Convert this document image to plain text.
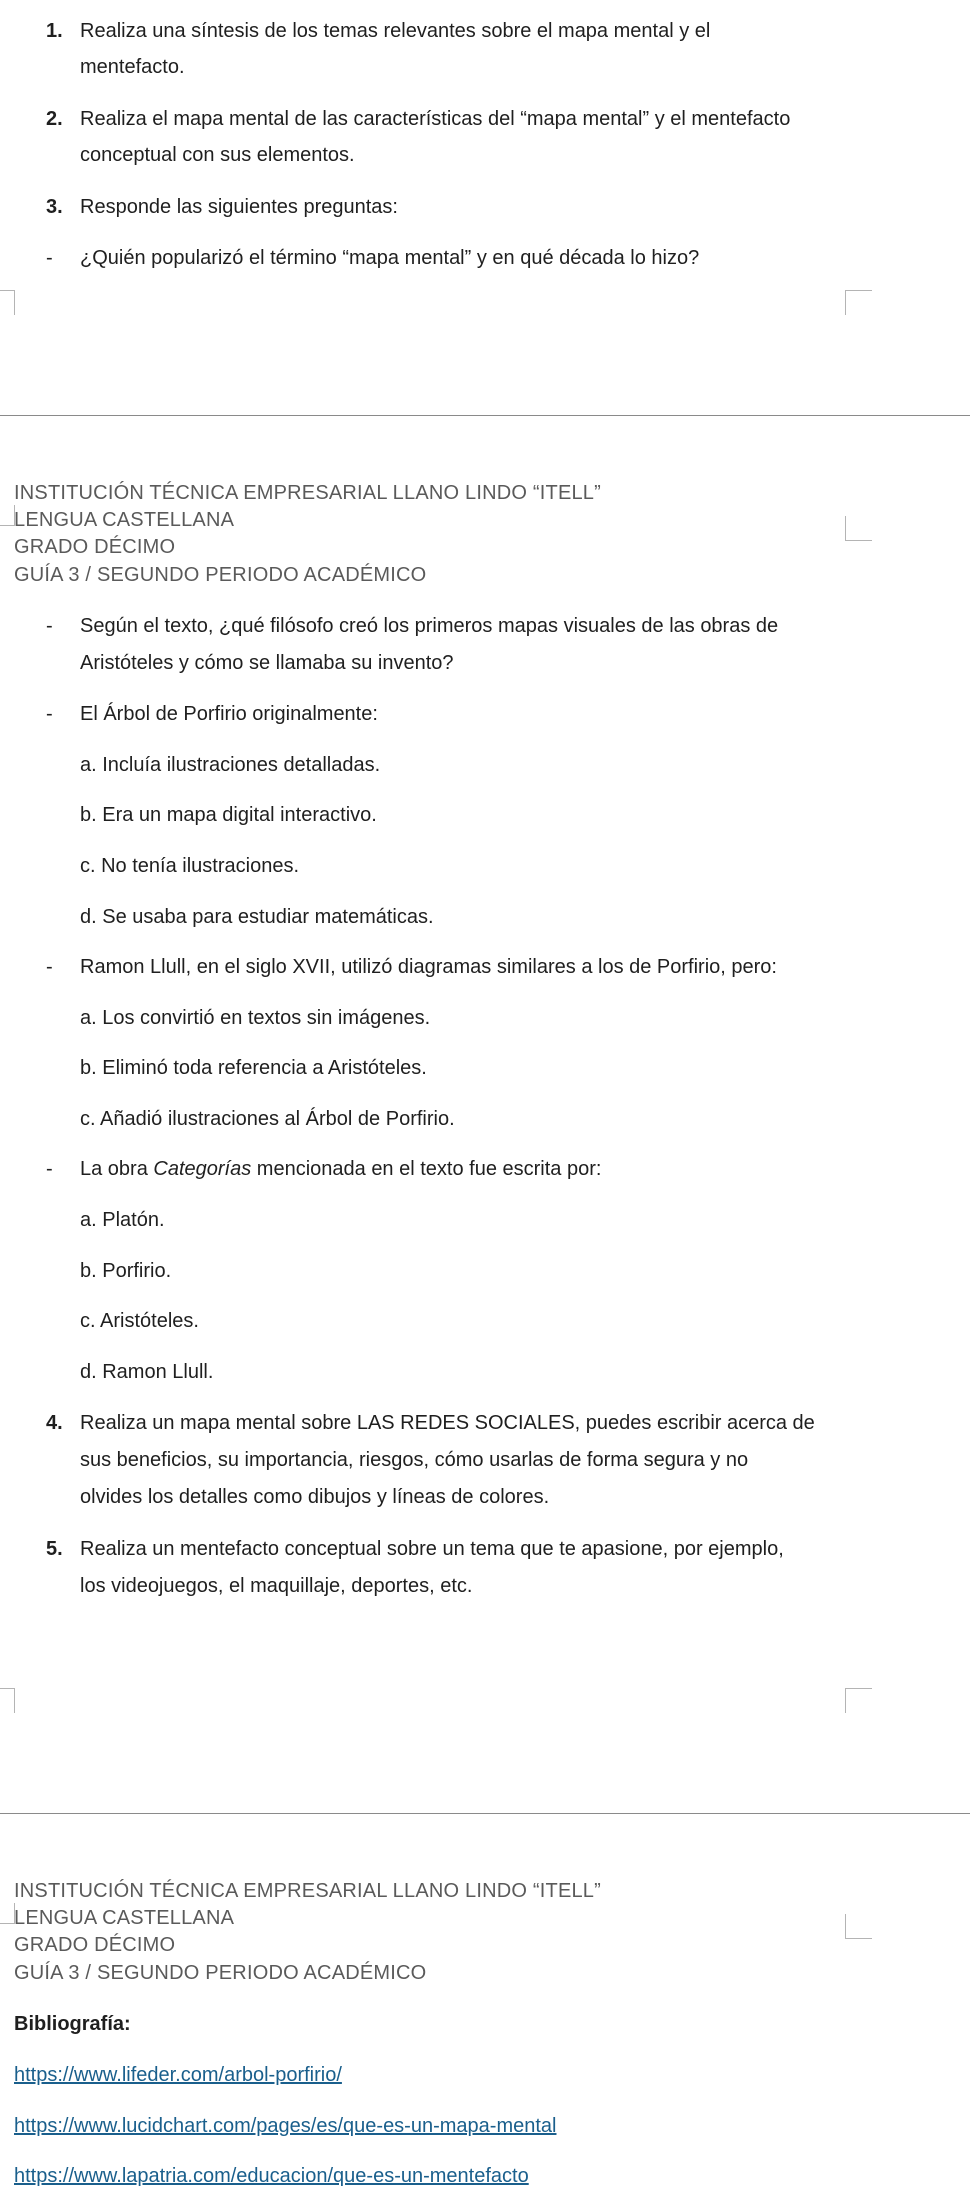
1. Realiza una síntesis de los temas relevantes sobre el mapa mental y el
mentefacto.
2. Realiza el mapa mental de las características del “mapa mental” y el mentefacto
conceptual con sus elementos.
3. Responde las siguientes preguntas:
- ¿Quién popularizó el término “mapa mental” y en qué década lo hizo?
INSTITUCIÓN TÉCNICA EMPRESARIAL LLANO LINDO “ITELL”
LENGUA CASTELLANA
GRADO DÉCIMO
GUÍA 3 / SEGUNDO PERIODO ACADÉMICO
- Según el texto, ¿qué filósofo creó los primeros mapas visuales de las obras de
Aristóteles y cómo se llamaba su invento?
- El Árbol de Porfirio originalmente:
a. Incluía ilustraciones detalladas.
b. Era un mapa digital interactivo.
c. No tenía ilustraciones.
d. Se usaba para estudiar matemáticas.
- Ramon Llull, en el siglo XVII, utilizó diagramas similares a los de Porfirio, pero:
a. Los convirtió en textos sin imágenes.
b. Eliminó toda referencia a Aristóteles.
c. Añadió ilustraciones al Árbol de Porfirio.
- La obra Categorías mencionada en el texto fue escrita por:
a. Platón.
b. Porfirio.
c. Aristóteles.
d. Ramon Llull.
4. Realiza un mapa mental sobre LAS REDES SOCIALES, puedes escribir acerca de
sus beneficios, su importancia, riesgos, cómo usarlas de forma segura y no
olvides los detalles como dibujos y líneas de colores.
5. Realiza un mentefacto conceptual sobre un tema que te apasione, por ejemplo,
los videojuegos, el maquillaje, deportes, etc.
INSTITUCIÓN TÉCNICA EMPRESARIAL LLANO LINDO “ITELL”
LENGUA CASTELLANA
GRADO DÉCIMO
GUÍA 3 / SEGUNDO PERIODO ACADÉMICO
Bibliografía:
https://www.lifeder.com/arbol-porfirio/
https://www.lucidchart.com/pages/es/que-es-un-mapa-mental
https://www.lapatria.com/educacion/que-es-un-mentefacto
